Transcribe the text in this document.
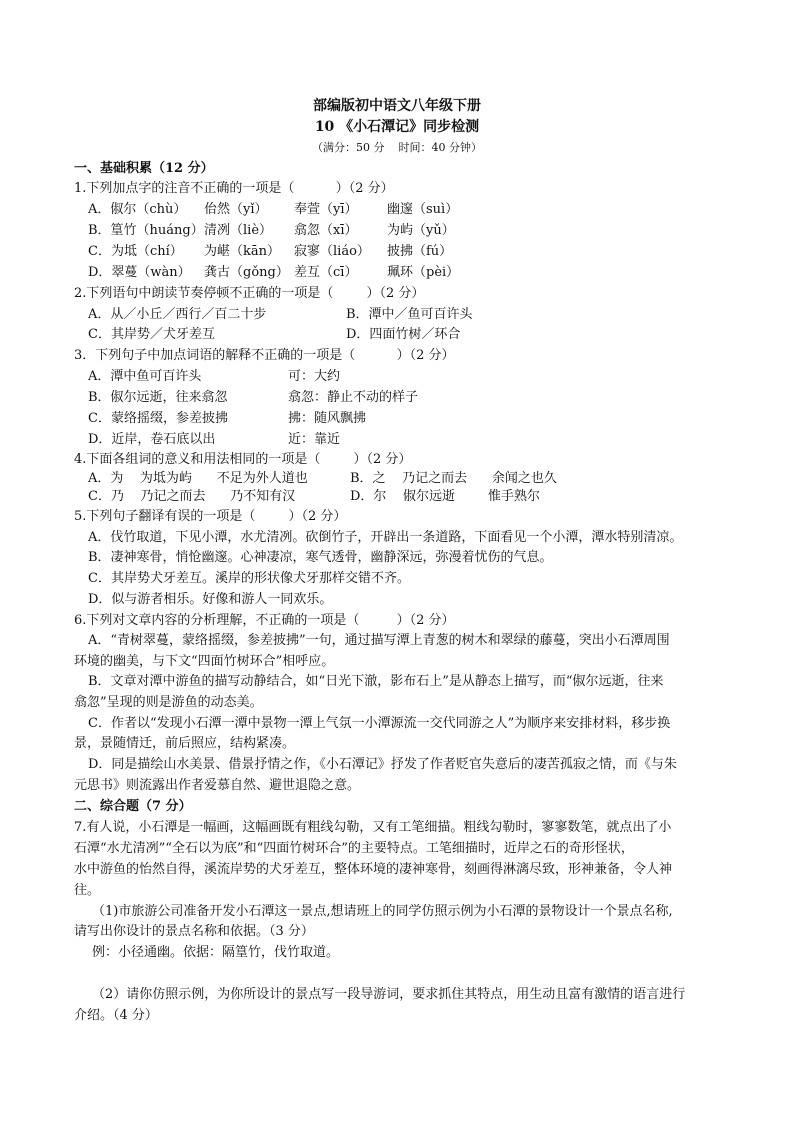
部编版初中语文八年级下册
10 《小石潭记》同步检测
（满分：50 分    时间：40 分钟）
一、基础积累（12 分）
1.下列加点字的注音不正确的一项是（          ）（2 分）
A．俶尔（chù） 佁然（yǐ） 奉萱（yī） 幽邃（suì）
B．篁竹（huáng） 清冽（liè） 翕忽（xī） 为屿（yǔ）
C．为坻（chí） 为嵁（kān） 寂寥（liáo） 披拂（fú）
D．翠蔓（wàn） 龚古（gǒng） 差互（cī） 珮环（pèi）
2.下列语句中朗读节奏停顿不正确的一项是（        ）（2 分）
A．从／小丘／西行／百二十步	B．潭中／鱼可百许头
C．其岸势／犬牙差互	D．四面竹树／环合
3．下列句子中加点词语的解释不正确的一项是（          ）（2 分）
A．潭中鱼可百许头	可：大约
B．俶尔远逝，往来翕忽	翕忽：静止不动的样子
C．蒙络摇缀，参差披拂	拂：随风飘拂
D．近岸，卷石底以出	近：靠近
4.下面各组词的意义和用法相同的一项是（        ）（2 分）
A．为    为坻为屿      不足为外人道也	B．之    乃记之而去      余闻之也久
C．乃    乃记之而去      乃不知有汉	D．尔    俶尔远逝        惟手熟尔
5.下列句子翻译有误的一项是（        ）（2 分）
A．伐竹取道，下见小潭，水尤清冽。砍倒竹子，开辟出一条道路，下面看见一个小潭，潭水特别清凉。
B．凄神寒骨，悄怆幽邃。心神凄凉，寒气透骨，幽静深远，弥漫着忧伤的气息。
C．其岸势犬牙差互。溪岸的形状像犬牙那样交错不齐。
D．似与游者相乐。好像和游人一同欢乐。
6.下列对文章内容的分析理解，不正确的一项是（         ）（2 分）
A．“青树翠蔓，蒙络摇缀，参差披拂”一句，通过描写潭上青葱的树木和翠绿的藤蔓，突出小石潭周围
环境的幽美，与下文“四面竹树环合”相呼应。
B．文章对潭中游鱼的描写动静结合，如“日光下澈，影布石上”是从静态上描写，而“俶尔远逝，往来
翕忽”呈现的则是游鱼的动态美。
C．作者以“发现小石潭一潭中景物一潭上气氛一小潭源流一交代同游之人”为顺序来安排材料，移步换
景，景随情迁，前后照应，结构紧凑。
D．同是描绘山水美景、借景抒情之作，《小石潭记》抒发了作者贬官失意后的凄苦孤寂之情，而《与朱
元思书》则流露出作者爱慕自然、避世退隐之意。
二、综合题（7 分）
7.有人说，小石潭是一幅画，这幅画既有粗线勾勒，又有工笔细描。粗线勾勒时，寥寥数笔，就点出了小
石潭“水尤清冽”“全石以为底”和“四面竹树环合”的主要特点。工笔细描时，近岸之石的奇形怪状，
水中游鱼的怡然自得，溪流岸势的犬牙差互，整体环境的凄神寒骨，刻画得淋漓尽致，形神兼备，令人神
往。
（1)市旅游公司准备开发小石潭这一景点,想请班上的同学仿照示例为小石潭的景物设计一个景点名称,
请写出你设计的景点名称和依据。（3 分）
例：小径通幽。依据：隔篁竹，伐竹取道。
（2）请你仿照示例，为你所设计的景点写一段导游词，要求抓住其特点，用生动且富有激情的语言进行
介绍。（4 分）
